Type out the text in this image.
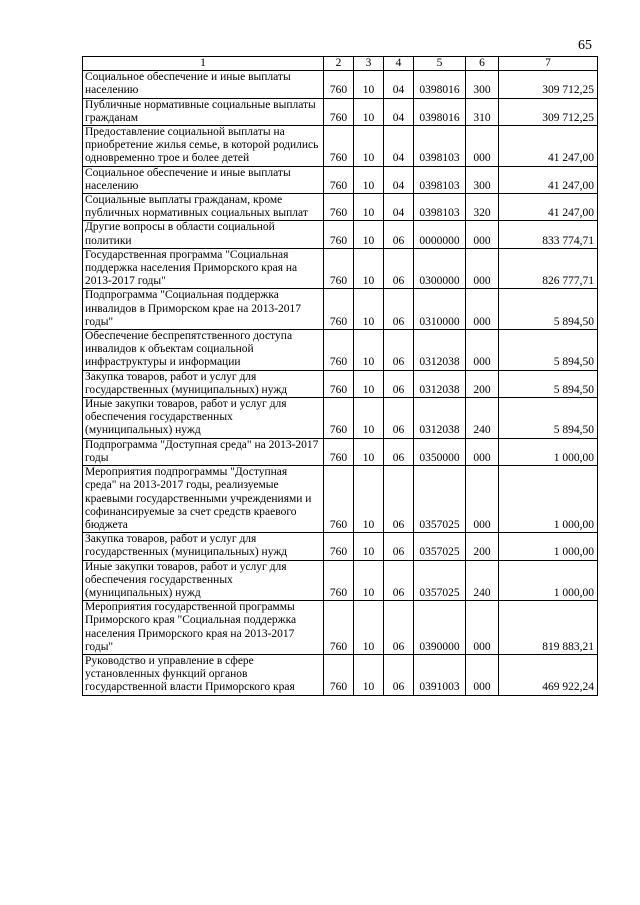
65
1	2	3	4	5	6	7
Социальное обеспечение и иные выплаты населению	760	10	04	0398016	300	309 712,25
Публичные нормативные социальные выплаты гражданам	760	10	04	0398016	310	309 712,25
Предоставление социальной выплаты на приобретение жилья семье, в которой родились одновременно трое и более детей	760	10	04	0398103	000	41 247,00
Социальное обеспечение и иные выплаты населению	760	10	04	0398103	300	41 247,00
Социальные выплаты гражданам, кроме публичных нормативных социальных выплат	760	10	04	0398103	320	41 247,00
Другие вопросы в области социальной политики	760	10	06	0000000	000	833 774,71
Государственная программа "Социальная поддержка населения Приморского края на 2013-2017 годы"	760	10	06	0300000	000	826 777,71
Подпрограмма "Социальная поддержка инвалидов в Приморском крае на 2013-2017 годы"	760	10	06	0310000	000	5 894,50
Обеспечение беспрепятственного доступа инвалидов к объектам социальной инфраструктуры и информации	760	10	06	0312038	000	5 894,50
Закупка товаров, работ и услуг для государственных (муниципальных) нужд	760	10	06	0312038	200	5 894,50
Иные закупки товаров, работ и услуг для обеспечения государственных (муниципальных) нужд	760	10	06	0312038	240	5 894,50
Подпрограмма "Доступная среда" на 2013-2017 годы	760	10	06	0350000	000	1 000,00
Мероприятия подпрограммы "Доступная среда" на 2013-2017 годы, реализуемые краевыми государственными учреждениями и софинансируемые за счет средств краевого бюджета	760	10	06	0357025	000	1 000,00
Закупка товаров, работ и услуг для государственных (муниципальных) нужд	760	10	06	0357025	200	1 000,00
Иные закупки товаров, работ и услуг для обеспечения государственных (муниципальных) нужд	760	10	06	0357025	240	1 000,00
Мероприятия государственной программы Приморского края "Социальная поддержка населения Приморского края на 2013-2017 годы"	760	10	06	0390000	000	819 883,21
Руководство и управление в сфере установленных функций органов государственной власти Приморского края	760	10	06	0391003	000	469 922,24
